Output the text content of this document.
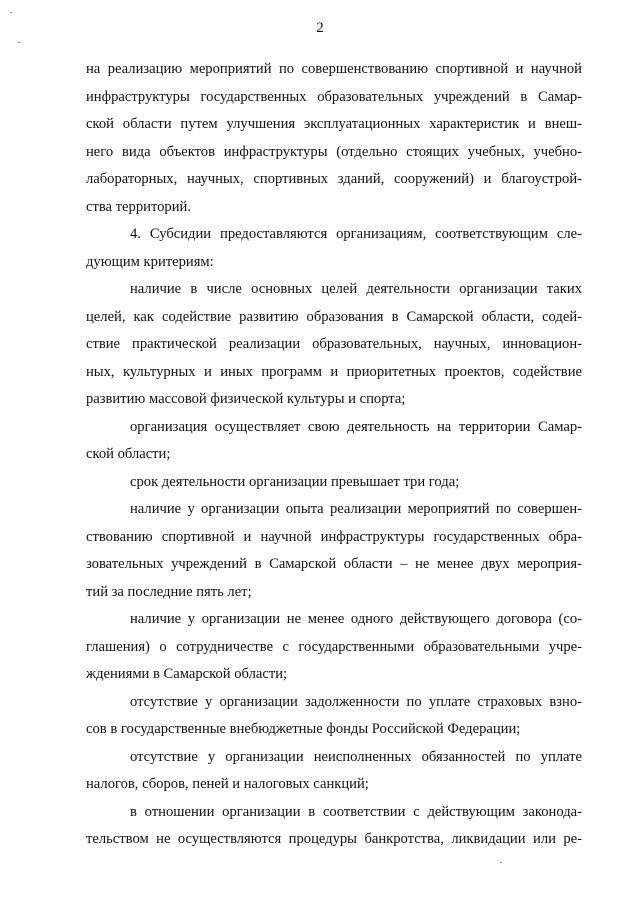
2
на реализацию мероприятий по совершенствованию спортивной и научной
инфраструктуры государственных образовательных учреждений в Самар-
ской области путем улучшения эксплуатационных характеристик и внеш-
него вида объектов инфраструктуры (отдельно стоящих учебных, учебно-
лабораторных, научных, спортивных зданий, сооружений) и благоустрой-
ства территорий.
4. Субсидии предоставляются организациям, соответствующим сле-
дующим критериям:
наличие в числе основных целей деятельности организации таких
целей, как содействие развитию образования в Самарской области, содей-
ствие практической реализации образовательных, научных, инновацион-
ных, культурных и иных программ и приоритетных проектов, содействие
развитию массовой физической культуры и спорта;
организация осуществляет свою деятельность на территории Самар-
ской области;
срок деятельности организации превышает три года;
наличие у организации опыта реализации мероприятий по совершен-
ствованию спортивной и научной инфраструктуры государственных обра-
зовательных учреждений в Самарской области – не менее двух мероприя-
тий за последние пять лет;
наличие у организации не менее одного действующего договора (со-
глашения) о сотрудничестве с государственными образовательными учре-
ждениями в Самарской области;
отсутствие у организации задолженности по уплате страховых взно-
сов в государственные внебюджетные фонды Российской Федерации;
отсутствие у организации неисполненных обязанностей по уплате
налогов, сборов, пеней и налоговых санкций;
в отношении организации в соответствии с действующим законода-
тельством не осуществляются процедуры банкротства, ликвидации или ре-
